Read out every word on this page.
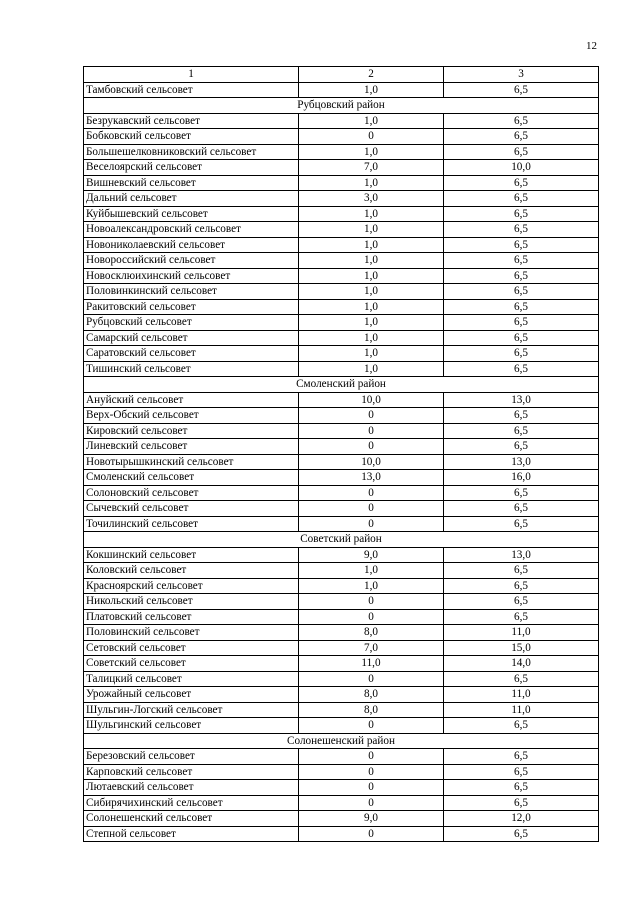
12
1	2	3
Тамбовский сельсовет	1,0	6,5
Рубцовский район		
Безрукавский сельсовет	1,0	6,5
Бобковский сельсовет	0	6,5
Большешелковниковский сельсовет	1,0	6,5
Веселоярский сельсовет	7,0	10,0
Вишневский сельсовет	1,0	6,5
Дальний сельсовет	3,0	6,5
Куйбышевский сельсовет	1,0	6,5
Новоалександровский сельсовет	1,0	6,5
Новониколаевский сельсовет	1,0	6,5
Новороссийский сельсовет	1,0	6,5
Новосклюихинский сельсовет	1,0	6,5
Половинкинский сельсовет	1,0	6,5
Ракитовский сельсовет	1,0	6,5
Рубцовский сельсовет	1,0	6,5
Самарский сельсовет	1,0	6,5
Саратовский сельсовет	1,0	6,5
Тишинский сельсовет	1,0	6,5
Смоленский район		
Ануйский сельсовет	10,0	13,0
Верх-Обский сельсовет	0	6,5
Кировский сельсовет	0	6,5
Линевский сельсовет	0	6,5
Новотырышкинский сельсовет	10,0	13,0
Смоленский сельсовет	13,0	16,0
Солоновский сельсовет	0	6,5
Сычевский сельсовет	0	6,5
Точилинский сельсовет	0	6,5
Советский район		
Кокшинский сельсовет	9,0	13,0
Коловский сельсовет	1,0	6,5
Красноярский сельсовет	1,0	6,5
Никольский сельсовет	0	6,5
Платовский сельсовет	0	6,5
Половинский сельсовет	8,0	11,0
Сетовский сельсовет	7,0	15,0
Советский сельсовет	11,0	14,0
Талицкий сельсовет	0	6,5
Урожайный сельсовет	8,0	11,0
Шульгин-Логский сельсовет	8,0	11,0
Шульгинский сельсовет	0	6,5
Солонешенский район		
Березовский сельсовет	0	6,5
Карповский сельсовет	0	6,5
Лютаевский сельсовет	0	6,5
Сибирячихинский сельсовет	0	6,5
Солонешенский сельсовет	9,0	12,0
Степной сельсовет	0	6,5
